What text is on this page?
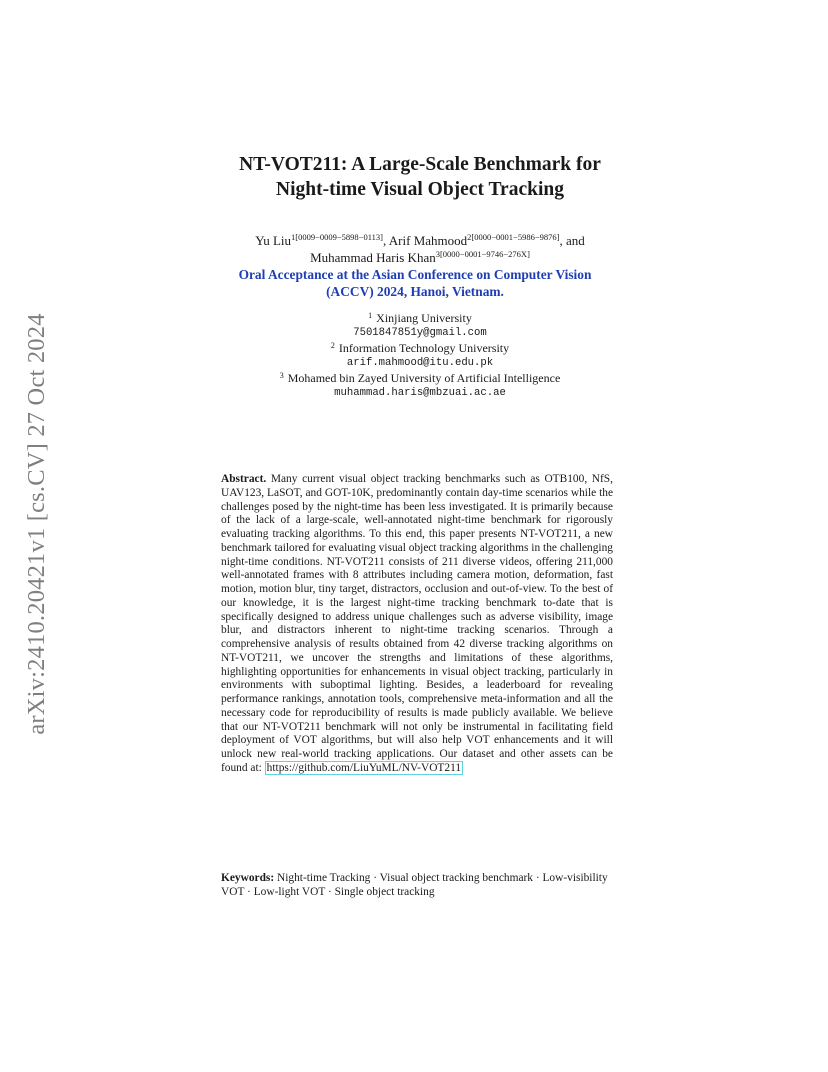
arXiv:2410.20421v1 [cs.CV] 27 Oct 2024
NT-VOT211: A Large-Scale Benchmark for
Night-time Visual Object Tracking
Yu Liu$^{1[0009-0009-5898-0113]}$, Arif Mahmood$^{2[0000-0001-5986-9876]}$, and
Muhammad Haris Khan$^{3[0000-0001-9746-276X]}$
Oral Acceptance at the Asian Conference on Computer Vision
(ACCV) 2024, Hanoi, Vietnam.
$^1$ Xinjiang University
7501847851y@gmail.com
$^2$ Information Technology University
arif.mahmood@itu.edu.pk
$^3$ Mohamed bin Zayed University of Artificial Intelligence
muhammad.haris@mbzuai.ac.ae
Abstract. Many current visual object tracking benchmarks such as OTB100, NfS, UAV123, LaSOT, and GOT-10K, predominantly contain day-time scenarios while the challenges posed by the night-time has been less investigated. It is primarily because of the lack of a large-scale, well-annotated night-time benchmark for rigorously evaluating tracking algorithms. To this end, this paper presents NT-VOT211, a new benchmark tailored for evaluating visual object tracking algorithms in the challenging night-time conditions. NT-VOT211 consists of 211 diverse videos, offering 211,000 well-annotated frames with 8 attributes including camera motion, deformation, fast motion, motion blur, tiny target, distractors, occlusion and out-of-view. To the best of our knowledge, it is the largest night-time tracking benchmark to-date that is specifically designed to address unique challenges such as adverse visibility, image blur, and distractors inherent to night-time tracking scenarios. Through a comprehensive analysis of results obtained from 42 diverse tracking algorithms on NT-VOT211, we uncover the strengths and limitations of these algorithms, highlighting opportunities for enhancements in visual object tracking, particularly in environments with suboptimal lighting. Besides, a leaderboard for revealing performance rankings, annotation tools, comprehensive meta-information and all the necessary code for reproducibility of results is made publicly available. We believe that our NT-VOT211 benchmark will not only be instrumental in facilitating field deployment of VOT algorithms, but will also help VOT enhancements and it will unlock new real-world tracking applications. Our dataset and other assets can be found at: https://github.com/LiuYuML/NV-VOT211
Keywords: Night-time Tracking · Visual object tracking benchmark · Low-visibility VOT · Low-light VOT · Single object tracking
